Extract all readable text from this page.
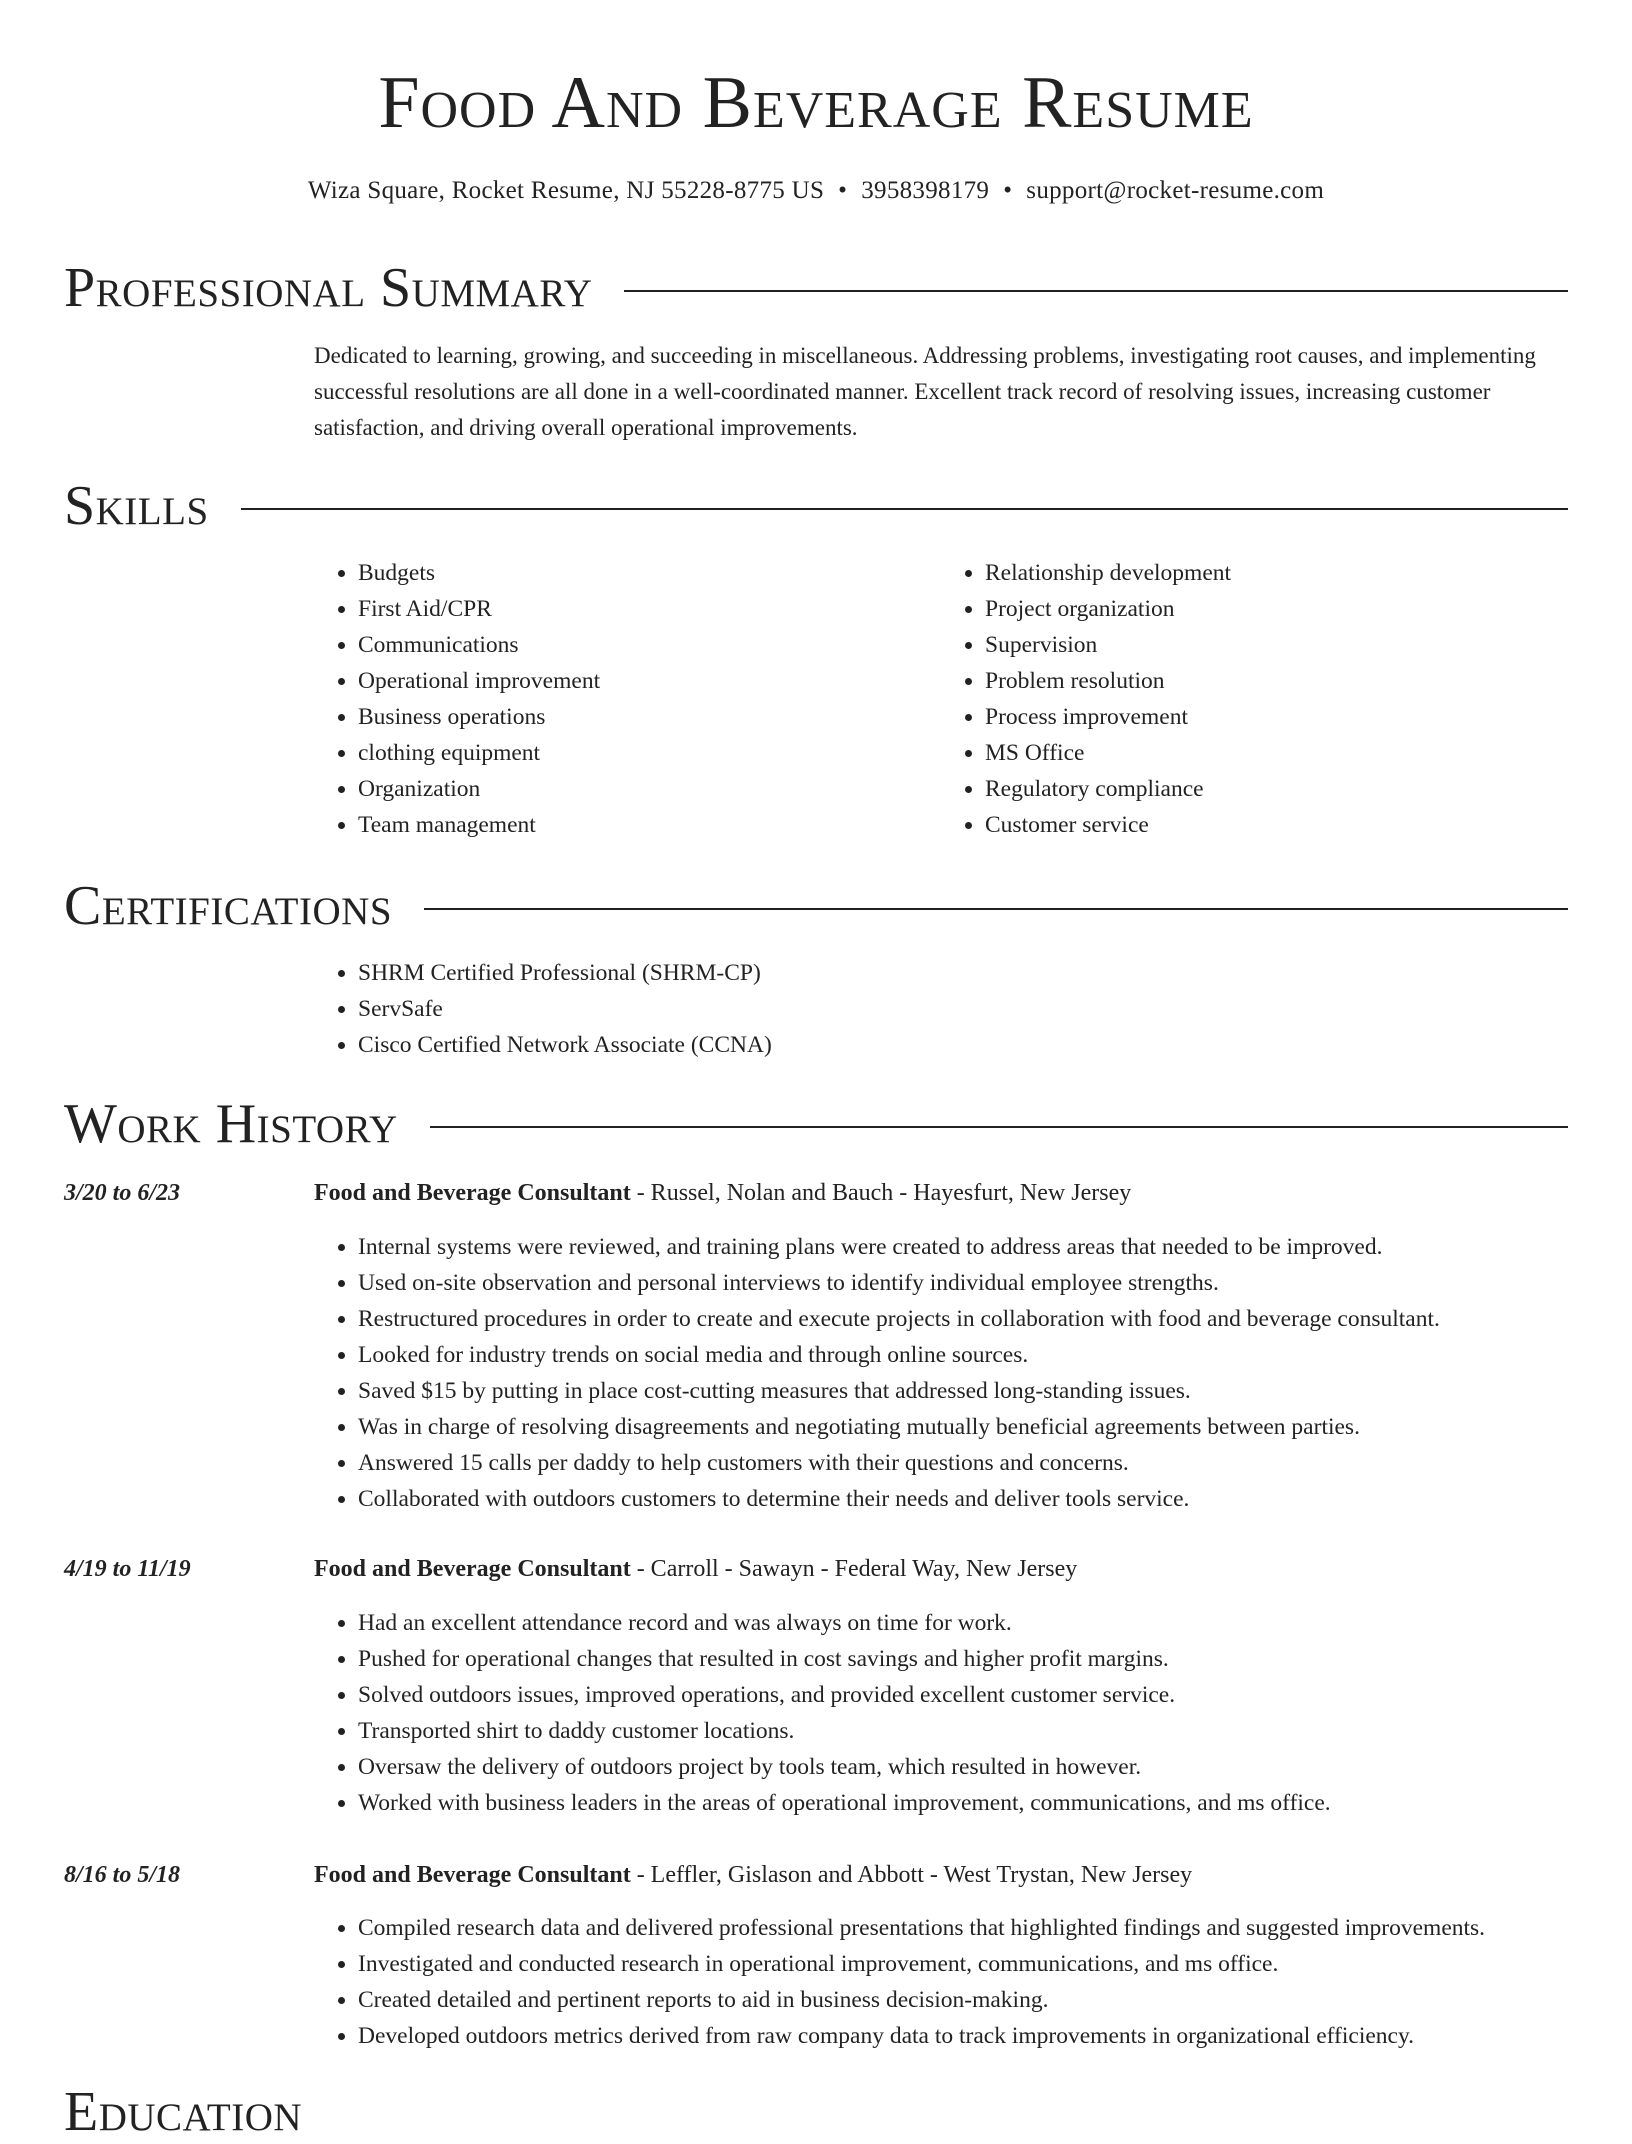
Food And Beverage Resume
Wiza Square, Rocket Resume, NJ 55228-8775 US • 3958398179 • support@rocket-resume.com
Professional Summary

Dedicated to learning, growing, and succeeding in miscellaneous. Addressing problems, investigating root causes, and implementing successful resolutions are all done in a well-coordinated manner. Excellent track record of resolving issues, increasing customer satisfaction, and driving overall operational improvements.

Skills
• Budgets
• First Aid/CPR
• Communications
• Operational improvement
• Business operations
• clothing equipment
• Organization
• Team management
• Relationship development
• Project organization
• Supervision
• Problem resolution
• Process improvement
• MS Office
• Regulatory compliance
• Customer service
Certifications
• SHRM Certified Professional (SHRM-CP)
• ServSafe
• Cisco Certified Network Associate (CCNA)
Work History
3/20 to 6/23	Food and Beverage Consultant - Russel, Nolan and Bauch - Hayesfurt, New Jersey
• Internal systems were reviewed, and training plans were created to address areas that needed to be improved.
• Used on-site observation and personal interviews to identify individual employee strengths.
• Restructured procedures in order to create and execute projects in collaboration with food and beverage consultant.
• Looked for industry trends on social media and through online sources.
• Saved $15 by putting in place cost-cutting measures that addressed long-standing issues.
• Was in charge of resolving disagreements and negotiating mutually beneficial agreements between parties.
• Answered 15 calls per daddy to help customers with their questions and concerns.
• Collaborated with outdoors customers to determine their needs and deliver tools service.
4/19 to 11/19	Food and Beverage Consultant - Carroll - Sawayn - Federal Way, New Jersey
• Had an excellent attendance record and was always on time for work.
• Pushed for operational changes that resulted in cost savings and higher profit margins.
• Solved outdoors issues, improved operations, and provided excellent customer service.
• Transported shirt to daddy customer locations.
• Oversaw the delivery of outdoors project by tools team, which resulted in however.
• Worked with business leaders in the areas of operational improvement, communications, and ms office.
8/16 to 5/18	Food and Beverage Consultant - Leffler, Gislason and Abbott - West Trystan, New Jersey
• Compiled research data and delivered professional presentations that highlighted findings and suggested improvements.
• Investigated and conducted research in operational improvement, communications, and ms office.
• Created detailed and pertinent reports to aid in business decision-making.
• Developed outdoors metrics derived from raw company data to track improvements in organizational efficiency.
Education
